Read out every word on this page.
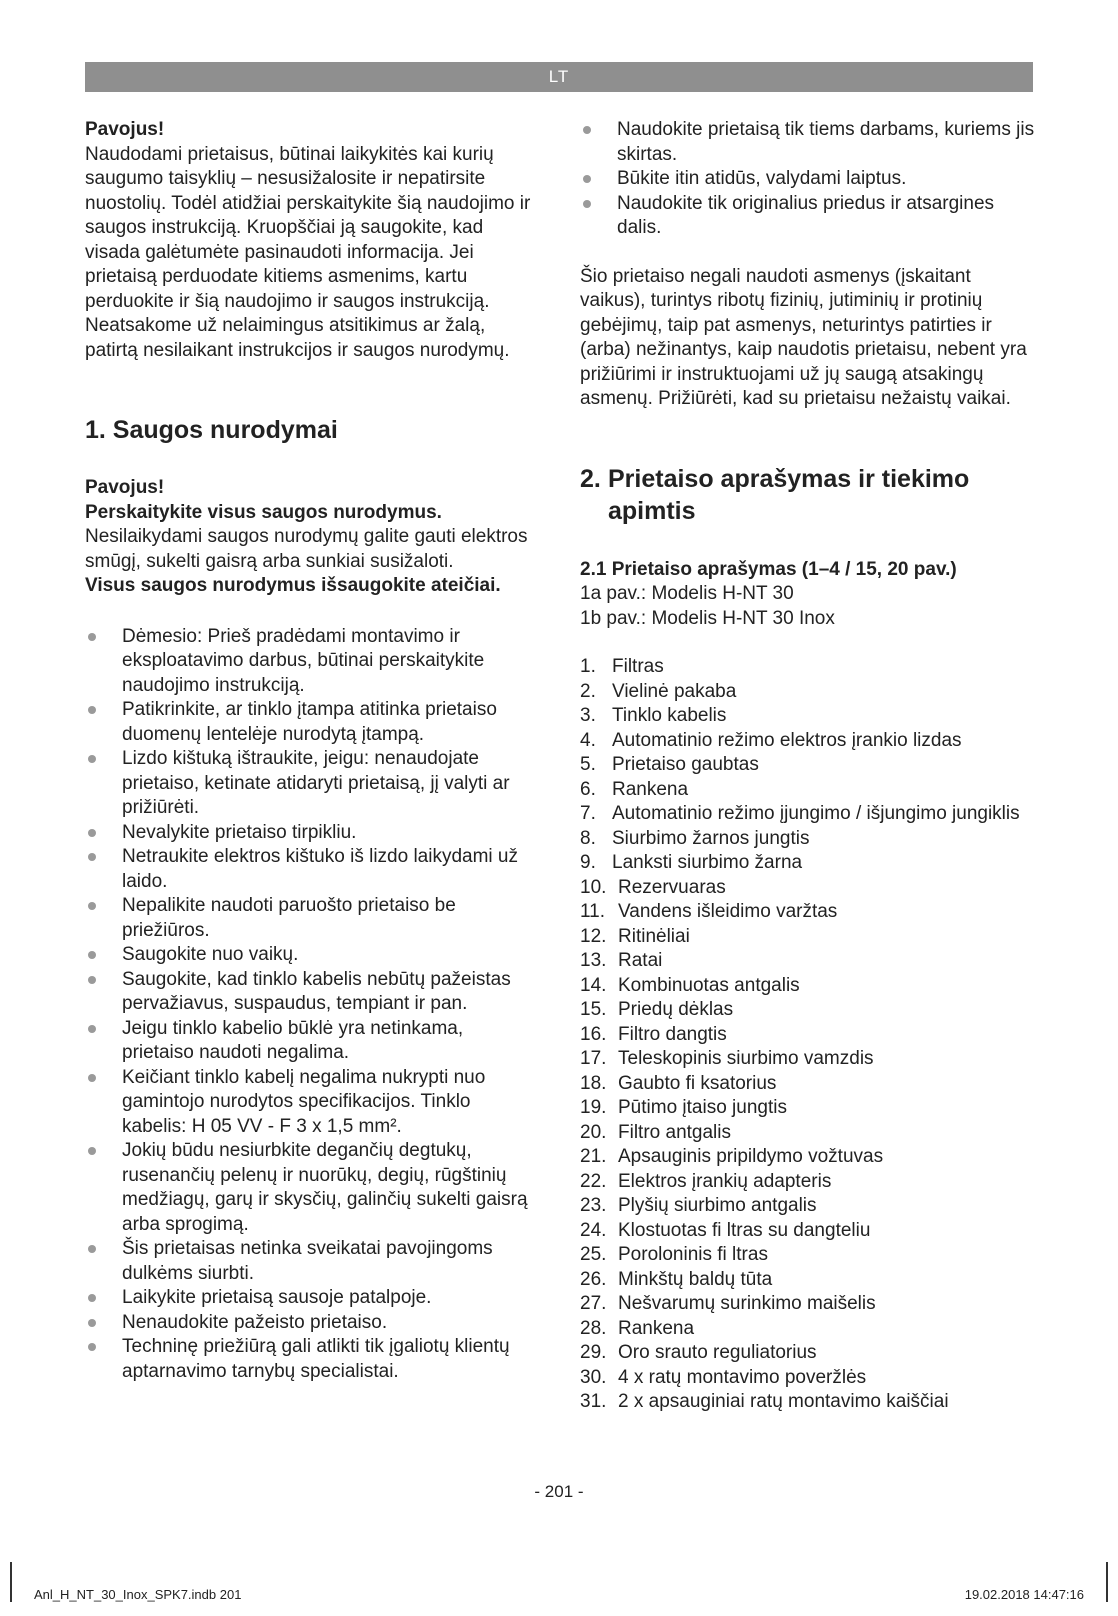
LT

Pavojus!

Naudodami prietaisus, būtinai laikykitės kai kurių saugumo taisyklių – nesusižalosite ir nepatirsite nuostolių. Todėl atidžiai perskaitykite šią naudojimo ir saugos instrukciją. Kruopščiai ją saugokite, kad visada galėtumėte pasinaudoti informacija. Jei prietaisą perduodate kitiems asmenims, kartu perduokite ir šią naudojimo ir saugos instrukciją. Neatsakome už nelaimingus atsitikimus ar žalą, patirtą nesilaikant instrukcijos ir saugos nurodymų.

1. Saugos nurodymai

Pavojus!

Perskaitykite visus saugos nurodymus. Nesilaikydami saugos nurodymų galite gauti elektros smūgį, sukelti gaisrą arba sunkiai susižaloti.

Visus saugos nurodymus išsaugokite ateičiai.

Dėmesio: Prieš pradėdami montavimo ir eksploatavimo darbus, būtinai perskaitykite naudojimo instrukciją.
Patikrinkite, ar tinklo įtampa atitinka prietaiso duomenų lentelėje nurodytą įtampą.
Lizdo kištuką ištraukite, jeigu: nenaudojate prietaiso, ketinate atidaryti prietaisą, jį valyti ar prižiūrėti.
Nevalykite prietaiso tirpikliu.
Netraukite elektros kištuko iš lizdo laikydami už laido.
Nepalikite naudoti paruošto prietaiso be priežiūros.
Saugokite nuo vaikų.
Saugokite, kad tinklo kabelis nebūtų pažeistas pervažiavus, suspaudus, tempiant ir pan.
Jeigu tinklo kabelio būklė yra netinkama, prietaiso naudoti negalima.
Keičiant tinklo kabelį negalima nukrypti nuo gamintojo nurodytos specifikacijos. Tinklo kabelis: H 05 VV - F 3 x 1,5 mm².
Jokių būdu nesiurbkite degančių degtukų, rusenančių pelenų ir nuorūkų, degių, rūgštinių medžiagų, garų ir skysčių, galinčių sukelti gaisrą arba sprogimą.
Šis prietaisas netinka sveikatai pavojingoms dulkėms siurbti.
Laikykite prietaisą sausoje patalpoje.
Nenaudokite pažeisto prietaiso.
Techninę priežiūrą gali atlikti tik įgaliotų klientų aptarnavimo tarnybų specialistai.
Naudokite prietaisą tik tiems darbams, kuriems jis skirtas.
Būkite itin atidūs, valydami laiptus.
Naudokite tik originalius priedus ir atsargines dalis.

Šio prietaiso negali naudoti asmenys (įskaitant vaikus), turintys ribotų fizinių, jutiminių ir protinių gebėjimų, taip pat asmenys, neturintys patirties ir (arba) nežinantys, kaip naudotis prietaisu, nebent yra prižiūrimi ir instruktuojami už jų saugą atsakingų asmenų. Prižiūrėti, kad su prietaisu nežaistų vaikai.

2. Prietaiso aprašymas ir tiekimo apimtis
2.1 Prietaiso aprašymas (1–4 / 15, 20 pav.)

1a pav.: Modelis H-NT 30

1b pav.: Modelis H-NT 30 Inox

1. Filtras
2. Vielinė pakaba
3. Tinklo kabelis
4. Automatinio režimo elektros įrankio lizdas
5. Prietaiso gaubtas
6. Rankena
7. Automatinio režimo įjungimo / išjungimo jungiklis
8. Siurbimo žarnos jungtis
9. Lanksti siurbimo žarna
10. Rezervuaras
11. Vandens išleidimo varžtas
12. Ritinėliai
13. Ratai
14. Kombinuotas antgalis
15. Priedų dėklas
16. Filtro dangtis
17. Teleskopinis siurbimo vamzdis
18. Gaubto fi ksatorius
19. Pūtimo įtaiso jungtis
20. Filtro antgalis
21. Apsauginis pripildymo vožtuvas
22. Elektros įrankių adapteris
23. Plyšių siurbimo antgalis
24. Klostuotas fi ltras su dangteliu
25. Poroloninis fi ltras
26. Minkštų baldų tūta
27. Nešvarumų surinkimo maišelis
28. Rankena
29. Oro srauto reguliatorius
30. 4 x ratų montavimo poveržlės
31. 2 x apsauginiai ratų montavimo kaiščiai
- 201 -
Anl_H_NT_30_Inox_SPK7.indb 201	19.02.2018 14:47:16
